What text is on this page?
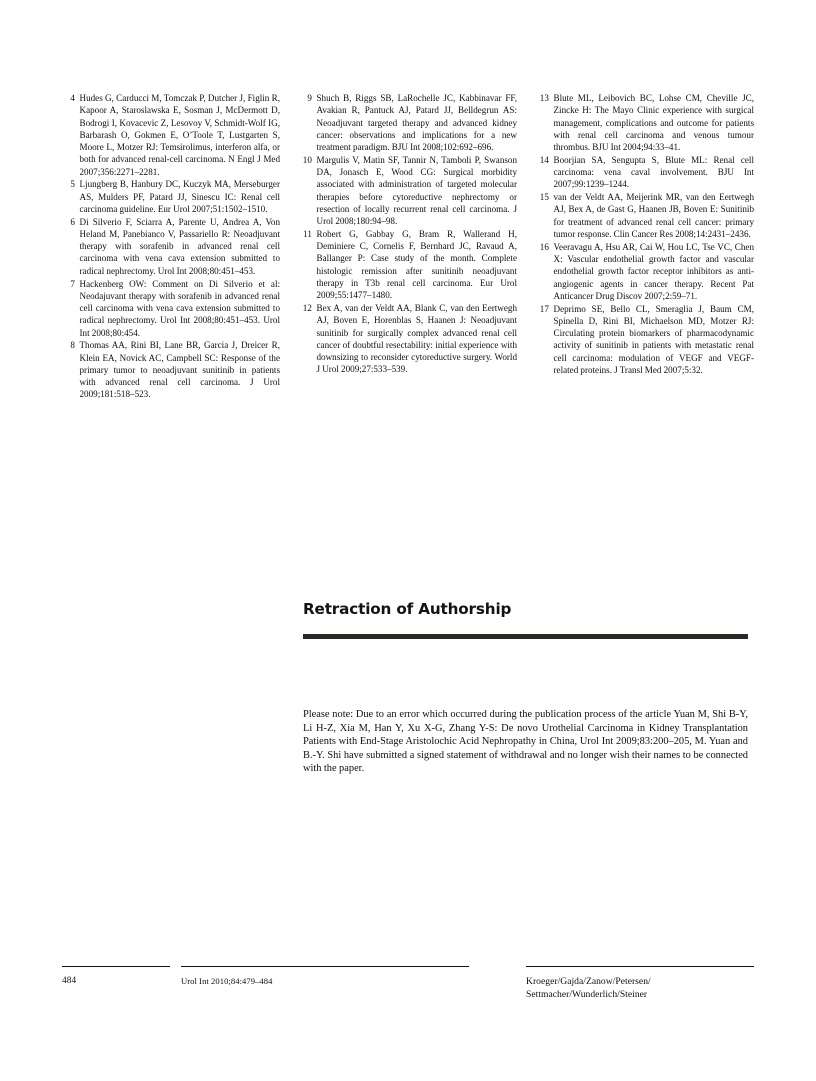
4 Hudes G, Carducci M, Tomczak P, Dutcher J, Figlin R, Kapoor A, Staroslawska E, Sosman J, McDermott D, Bodrogi I, Kovacevic Z, Lesovoy V, Schmidt-Wolf IG, Barbarash O, Gokmen E, O’Toole T, Lustgarten S, Moore L, Motzer RJ: Temsirolimus, interferon alfa, or both for advanced renal-cell carcinoma. N Engl J Med 2007;356:2271–2281.
5 Ljungberg B, Hanbury DC, Kuczyk MA, Merseburger AS, Mulders PF, Patard JJ, Sinescu IC: Renal cell carcinoma guideline. Eur Urol 2007;51:1502–1510.
6 Di Silverio F, Sciarra A, Parente U, Andrea A, Von Heland M, Panebianco V, Passariello R: Neoadjuvant therapy with sorafenib in advanced renal cell carcinoma with vena cava extension submitted to radical nephrectomy. Urol Int 2008;80:451–453.
7 Hackenberg OW: Comment on Di Silverio et al: Neodajuvant therapy with sorafenib in advanced renal cell carcinoma with vena cava extension submitted to radical nephrectomy. Urol Int 2008;80:451–453. Urol Int 2008;80:454.
8 Thomas AA, Rini BI, Lane BR, Garcia J, Dreicer R, Klein EA, Novick AC, Campbell SC: Response of the primary tumor to neoadjuvant sunitinib in patients with advanced renal cell carcinoma. J Urol 2009;181:518–523.
9 Shuch B, Riggs SB, LaRochelle JC, Kabbinavar FF, Avakian R, Pantuck AJ, Patard JJ, Belldegrun AS: Neoadjuvant targeted therapy and advanced kidney cancer: observations and implications for a new treatment paradigm. BJU Int 2008;102:692–696.
10 Margulis V, Matin SF, Tannir N, Tamboli P, Swanson DA, Jonasch E, Wood CG: Surgical morbidity associated with administration of targeted molecular therapies before cytoreductive nephrectomy or resection of locally recurrent renal cell carcinoma. J Urol 2008;180:94–98.
11 Robert G, Gabbay G, Bram R, Wallerand H, Deminiere C, Cornelis F, Bernhard JC, Ravaud A, Ballanger P: Case study of the month. Complete histologic remission after sunitinib neoadjuvant therapy in T3b renal cell carcinoma. Eur Urol 2009;55:1477–1480.
12 Bex A, van der Veldt AA, Blank C, van den Eertwegh AJ, Boven E, Horenblas S, Haanen J: Neoadjuvant sunitinib for surgically complex advanced renal cell cancer of doubtful resectability: initial experience with downsizing to reconsider cytoreductive surgery. World J Urol 2009;27:533–539.
13 Blute ML, Leibovich BC, Lohse CM, Cheville JC, Zincke H: The Mayo Clinic experience with surgical management, complications and outcome for patients with renal cell carcinoma and venous tumour thrombus. BJU Int 2004;94:33–41.
14 Boorjian SA, Sengupta S, Blute ML: Renal cell carcinoma: vena caval involvement. BJU Int 2007;99:1239–1244.
15 van der Veldt AA, Meijerink MR, van den Eertwegh AJ, Bex A, de Gast G, Haanen JB, Boven E: Sunitinib for treatment of advanced renal cell cancer: primary tumor response. Clin Cancer Res 2008;14:2431–2436.
16 Veeravagu A, Hsu AR, Cai W, Hou LC, Tse VC, Chen X: Vascular endothelial growth factor and vascular endothelial growth factor receptor inhibitors as anti-angiogenic agents in cancer therapy. Recent Pat Anticancer Drug Discov 2007;2:59–71.
17 Deprimo SE, Bello CL, Smeraglia J, Baum CM, Spinella D, Rini BI, Michaelson MD, Motzer RJ: Circulating protein biomarkers of pharmacodynamic activity of sunitinib in patients with metastatic renal cell carcinoma: modulation of VEGF and VEGF-related proteins. J Transl Med 2007;5:32.
Retraction of Authorship
Please note: Due to an error which occurred during the publication process of the article Yuan M, Shi B-Y, Li H-Z, Xia M, Han Y, Xu X-G, Zhang Y-S: De novo Urothelial Carcinoma in Kidney Transplantation Patients with End-Stage Aristolochic Acid Nephropathy in China, Urol Int 2009;83:200–205, M. Yuan and B.-Y. Shi have submitted a signed statement of withdrawal and no longer wish their names to be connected with the paper.
484	Urol Int 2010;84:479–484	Kroeger/Gajda/Zanow/Petersen/
Settmacher/Wunderlich/Steiner
